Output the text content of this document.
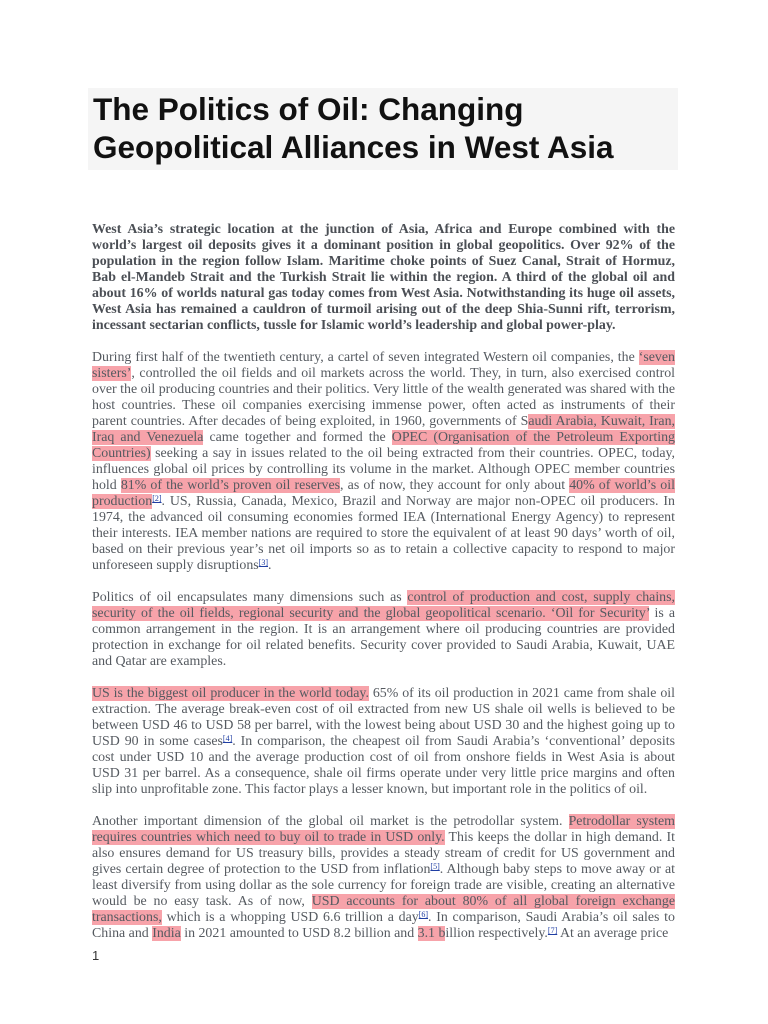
The Politics of Oil: Changing Geopolitical Alliances in West Asia

West Asia’s strategic location at the junction of Asia, Africa and Europe combined with the world’s largest oil deposits gives it a dominant position in global geopolitics. Over 92% of the population in the region follow Islam. Maritime choke points of Suez Canal, Strait of Hormuz, Bab el-Mandeb Strait and the Turkish Strait lie within the region. A third of the global oil and about 16% of worlds natural gas today comes from West Asia. Notwithstanding its huge oil assets, West Asia has remained a cauldron of turmoil arising out of the deep Shia-Sunni rift, terrorism, incessant sectarian conflicts, tussle for Islamic world’s leadership and global power-play.

During first half of the twentieth century, a cartel of seven integrated Western oil companies, the ‘seven sisters’, controlled the oil fields and oil markets across the world. They, in turn, also exercised control over the oil producing countries and their politics. Very little of the wealth generated was shared with the host countries. These oil companies exercising immense power, often acted as instruments of their parent countries. After decades of being exploited, in 1960, governments of Saudi Arabia, Kuwait, Iran, Iraq and Venezuela came together and formed the OPEC (Organisation of the Petroleum Exporting Countries) seeking a say in issues related to the oil being extracted from their countries. OPEC, today, influences global oil prices by controlling its volume in the market. Although OPEC member countries hold 81% of the world’s proven oil reserves, as of now, they account for only about 40% of world’s oil production[2]. US, Russia, Canada, Mexico, Brazil and Norway are major non-OPEC oil producers. In 1974, the advanced oil consuming economies formed IEA (International Energy Agency) to represent their interests. IEA member nations are required to store the equivalent of at least 90 days’ worth of oil, based on their previous year’s net oil imports so as to retain a collective capacity to respond to major unforeseen supply disruptions[3].

Politics of oil encapsulates many dimensions such as control of production and cost, supply chains, security of the oil fields, regional security and the global geopolitical scenario. ‘Oil for Security’ is a common arrangement in the region. It is an arrangement where oil producing countries are provided protection in exchange for oil related benefits. Security cover provided to Saudi Arabia, Kuwait, UAE and Qatar are examples.

US is the biggest oil producer in the world today. 65% of its oil production in 2021 came from shale oil extraction. The average break-even cost of oil extracted from new US shale oil wells is believed to be between USD 46 to USD 58 per barrel, with the lowest being about USD 30 and the highest going up to USD 90 in some cases[4]. In comparison, the cheapest oil from Saudi Arabia’s ‘conventional’ deposits cost under USD 10 and the average production cost of oil from onshore fields in West Asia is about USD 31 per barrel. As a consequence, shale oil firms operate under very little price margins and often slip into unprofitable zone. This factor plays a lesser known, but important role in the politics of oil.

Another important dimension of the global oil market is the petrodollar system. Petrodollar system requires countries which need to buy oil to trade in USD only. This keeps the dollar in high demand. It also ensures demand for US treasury bills, provides a steady stream of credit for US government and gives certain degree of protection to the USD from inflation[5]. Although baby steps to move away or at least diversify from using dollar as the sole currency for foreign trade are visible, creating an alternative would be no easy task. As of now, USD accounts for about 80% of all global foreign exchange transactions, which is a whopping USD 6.6 trillion a day[6]. In comparison, Saudi Arabia’s oil sales to China and India in 2021 amounted to USD 8.2 billion and 3.1 billion respectively.[7] At an average price

1
